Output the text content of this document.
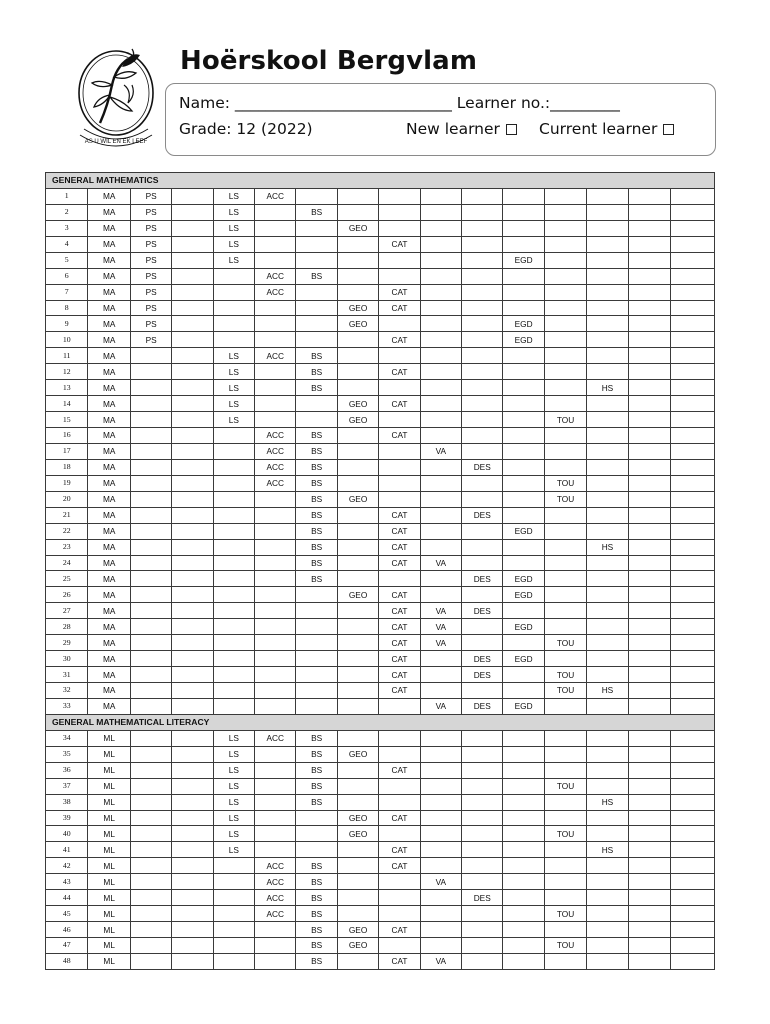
AS U WIL EN EK LEEF
Hoërskool Bergvlam
Name: ____________________________ Learner no.:_________
Grade: 12 (2022)	New learner	Current learner
GENERAL MATHEMATICS															
1	MA	PS		LS	ACC										
2	MA	PS		LS		BS									
3	MA	PS		LS			GEO								
4	MA	PS		LS				CAT							
5	MA	PS		LS							EGD				
6	MA	PS			ACC	BS									
7	MA	PS			ACC			CAT							
8	MA	PS					GEO	CAT							
9	MA	PS					GEO				EGD				
10	MA	PS						CAT			EGD				
11	MA			LS	ACC	BS									
12	MA			LS		BS		CAT							
13	MA			LS		BS							HS		
14	MA			LS			GEO	CAT							
15	MA			LS			GEO					TOU			
16	MA				ACC	BS		CAT							
17	MA				ACC	BS			VA						
18	MA				ACC	BS				DES					
19	MA				ACC	BS						TOU			
20	MA					BS	GEO					TOU			
21	MA					BS		CAT		DES					
22	MA					BS		CAT			EGD				
23	MA					BS		CAT					HS		
24	MA					BS		CAT	VA						
25	MA					BS				DES	EGD				
26	MA						GEO	CAT			EGD				
27	MA							CAT	VA	DES					
28	MA							CAT	VA		EGD				
29	MA							CAT	VA			TOU			
30	MA							CAT		DES	EGD				
31	MA							CAT		DES		TOU			
32	MA							CAT				TOU	HS		
33	MA								VA	DES	EGD				
GENERAL MATHEMATICAL LITERACY															
34	ML			LS	ACC	BS									
35	ML			LS		BS	GEO								
36	ML			LS		BS		CAT							
37	ML			LS		BS						TOU			
38	ML			LS		BS							HS		
39	ML			LS			GEO	CAT							
40	ML			LS			GEO					TOU			
41	ML			LS				CAT					HS		
42	ML				ACC	BS		CAT							
43	ML				ACC	BS			VA						
44	ML				ACC	BS				DES					
45	ML				ACC	BS						TOU			
46	ML					BS	GEO	CAT							
47	ML					BS	GEO					TOU			
48	ML					BS		CAT	VA						
